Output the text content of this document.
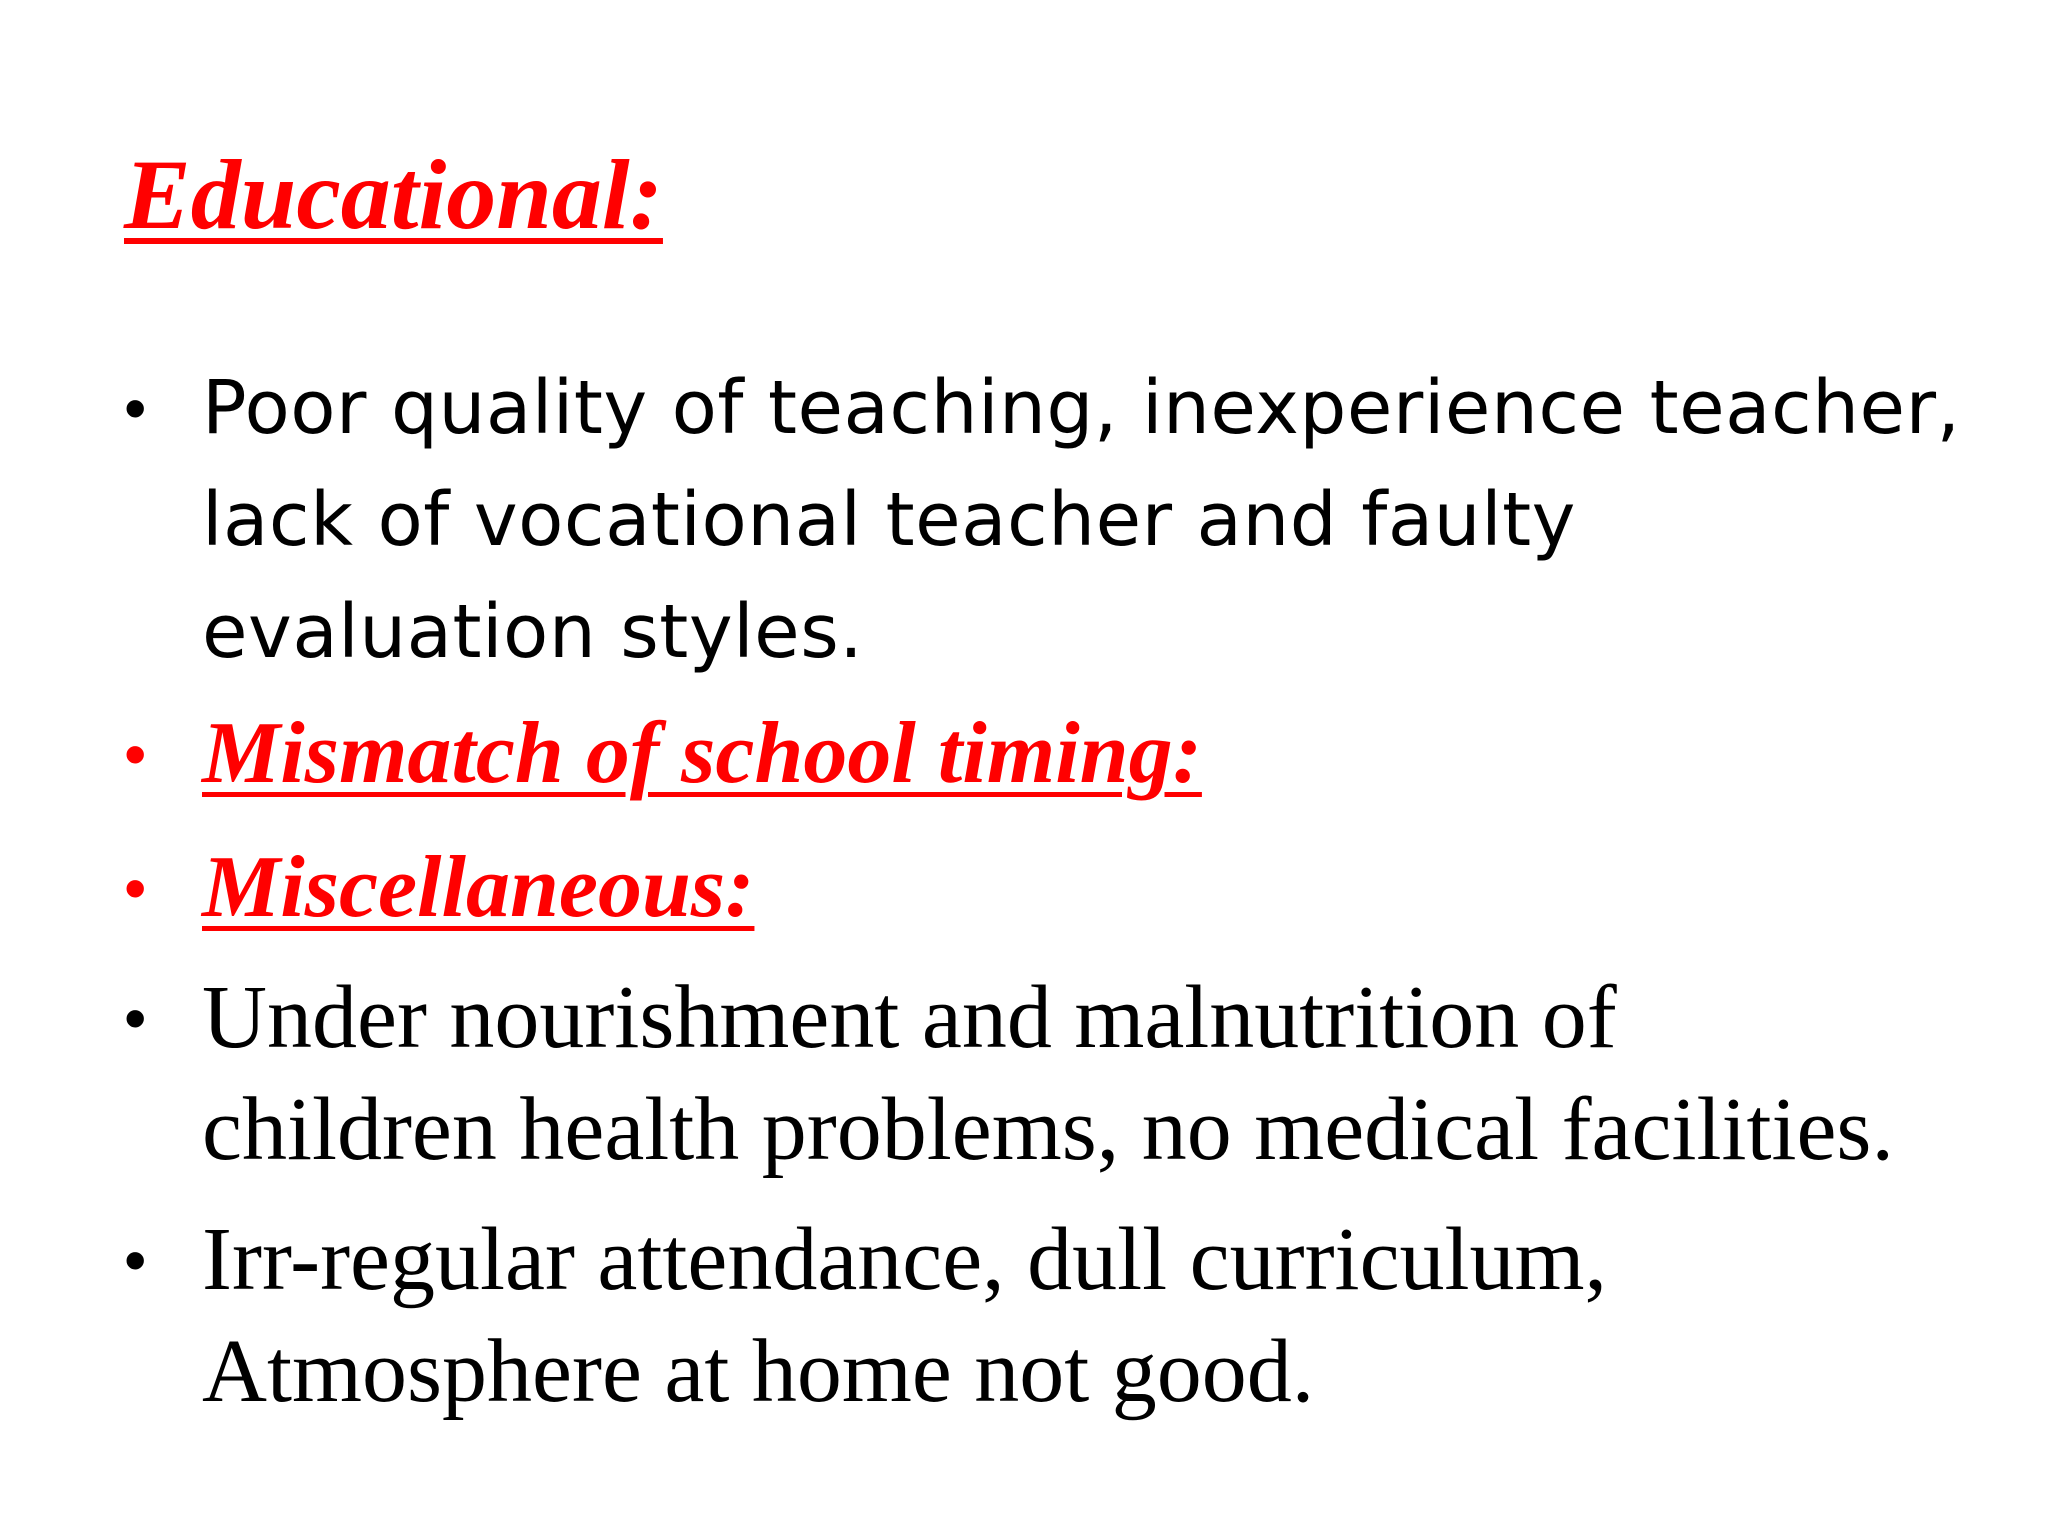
Educational:
• Poor quality of teaching, inexperience teacher,
lack of vocational teacher and faulty
evaluation styles.

• Mismatch of school timing:

• Miscellaneous:

• Under nourishment and malnutrition of
children health problems, no medical facilities.

• Irr-regular attendance, dull curriculum,
Atmosphere at home not good.
